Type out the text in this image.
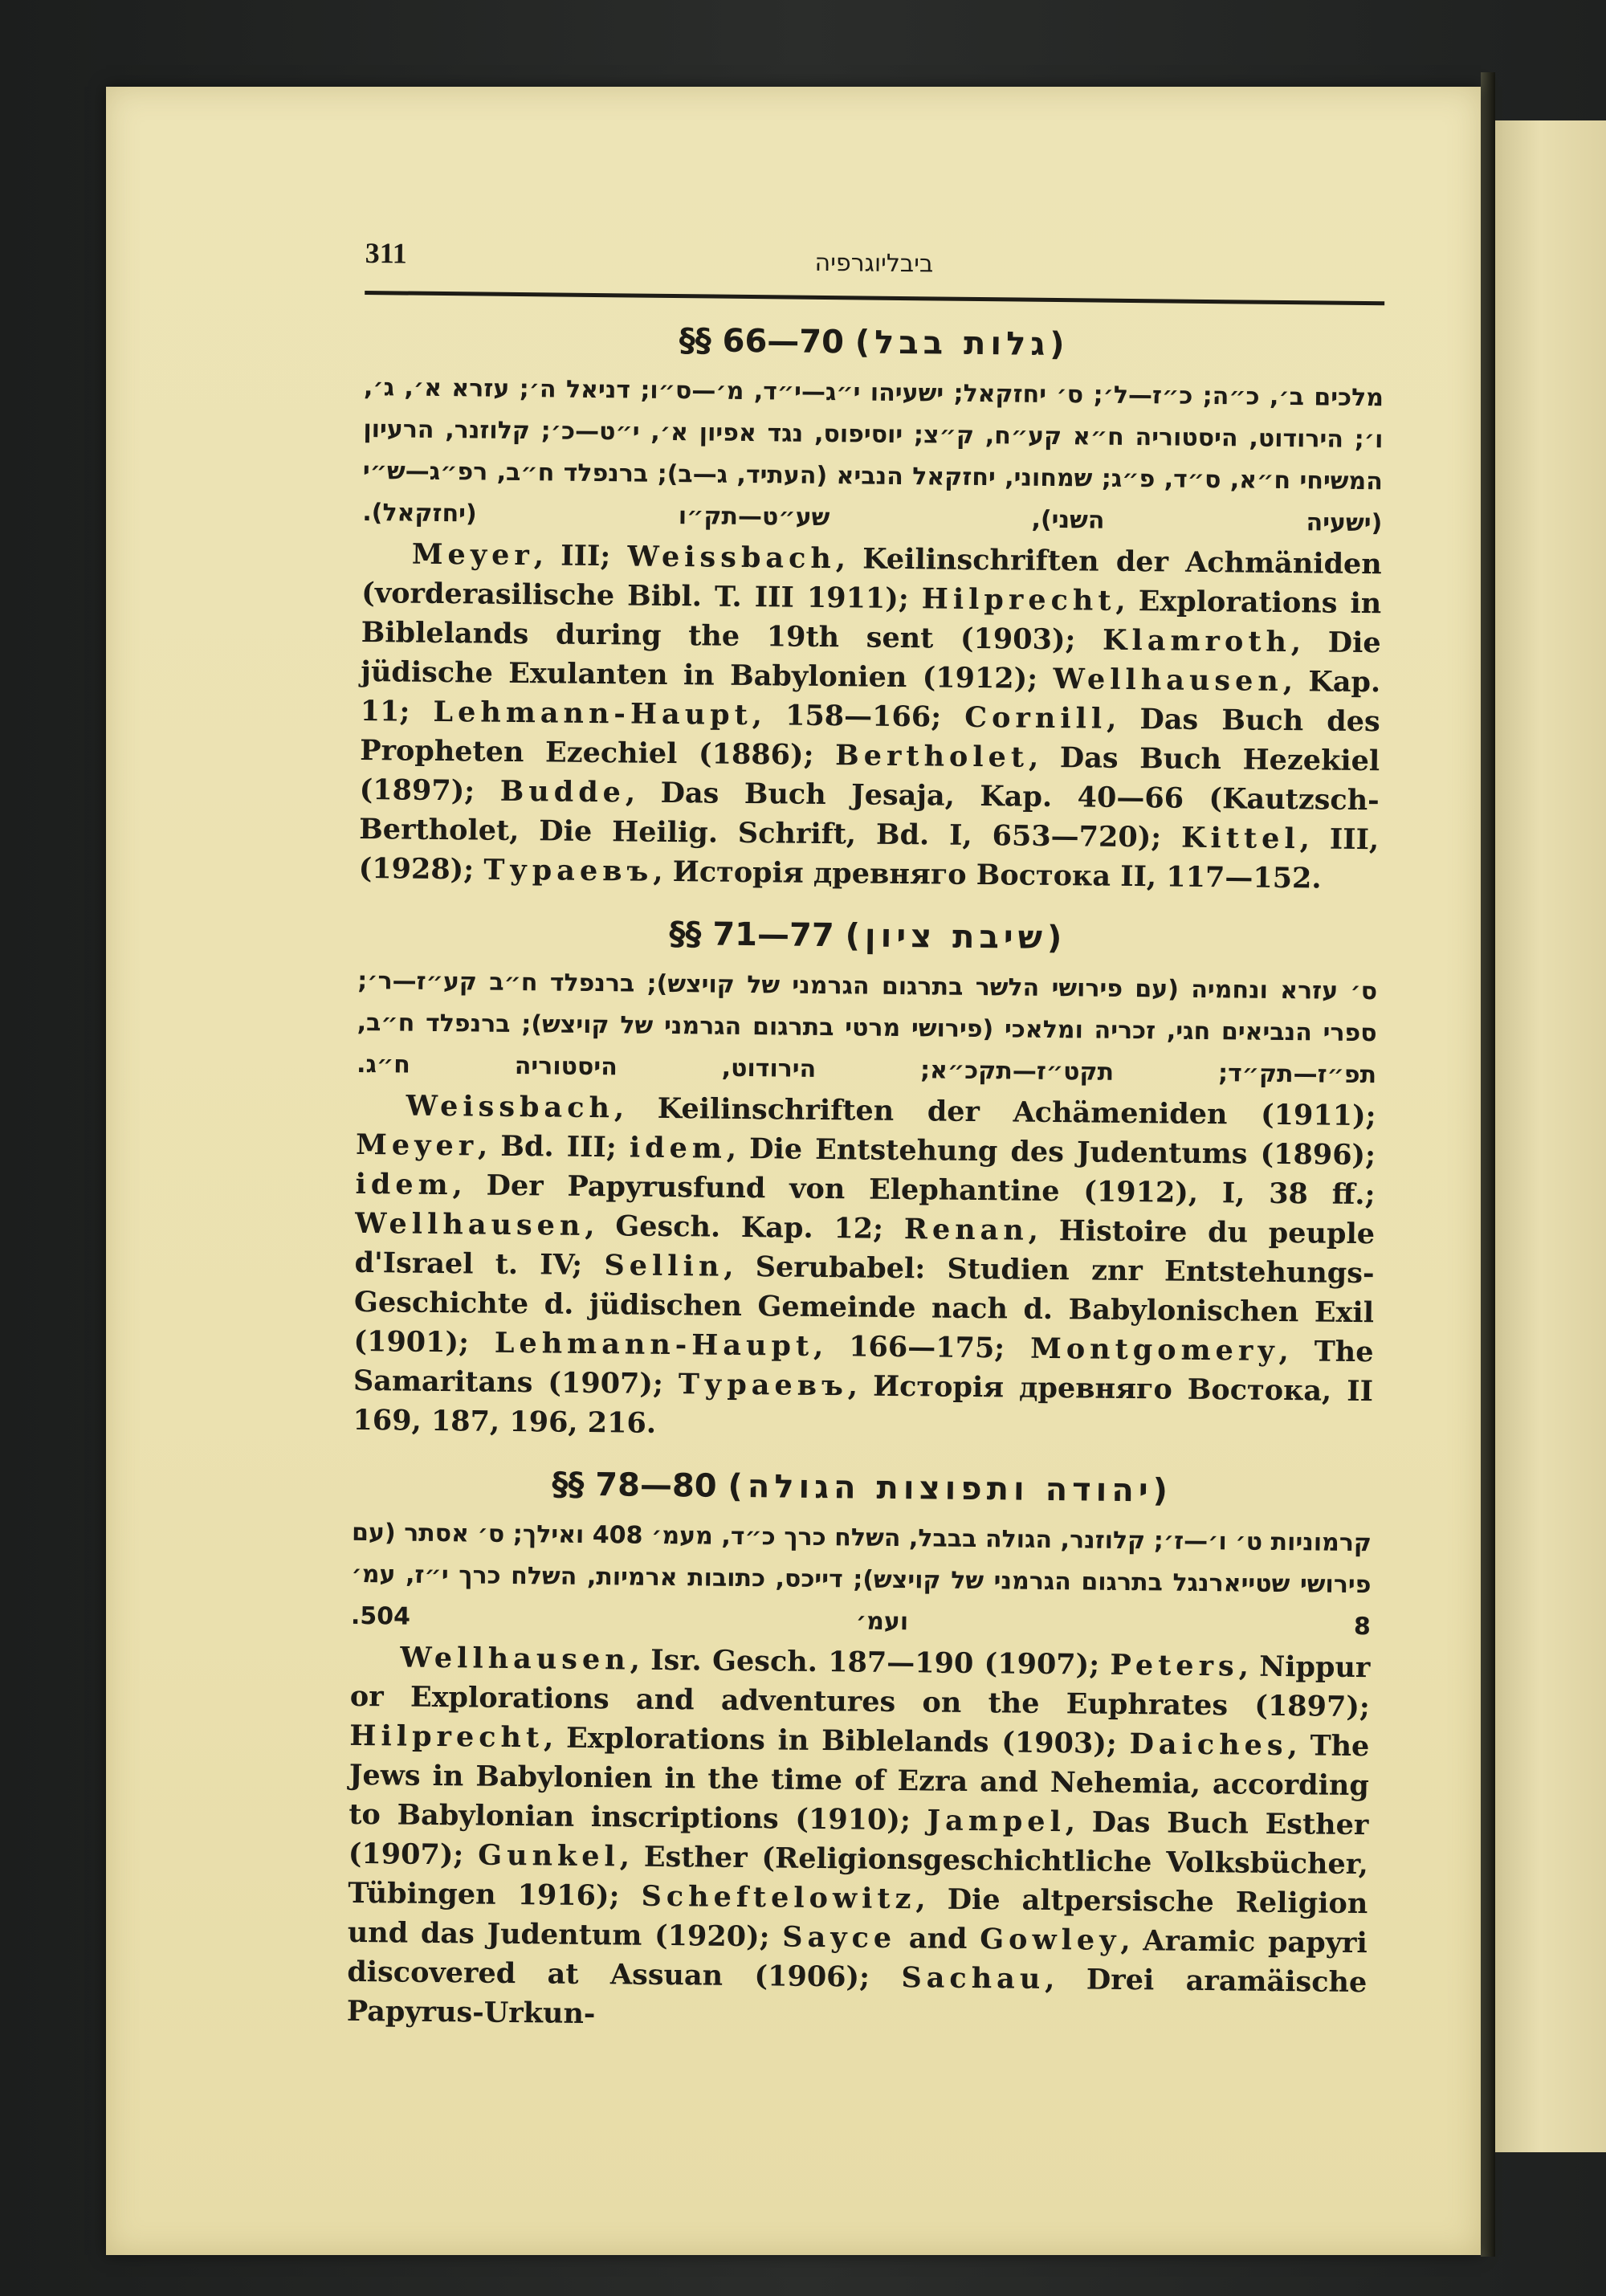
311	ביבליוגרפיה
§§ 66—70 (גלות בבל)
מלכים ב׳, כ״ה; כ״ז—ל׳; ס׳ יחזקאל; ישעיהו י״ג—י״ד, מ׳—ס״ו; דניאל ה׳; עזרא א׳, ג׳, ו׳; הירודוט, היסטוריה ח״א קע״ח, ק״צ; יוסיפוס, נגד אפיון א׳, י״ט—כ׳; קלוזנר, הרעיון המשיחי ח״א, ס״ד, פ״ג; שמחוני, יחזקאל הנביא (העתיד, ג—ב); ברנפלד ח״ב, רפ״ג—ש״י (ישעיה השני), שע״ט—תק״ו (יחזקאל).
Meyer, III; Weissbach, Keilinschriften der Achmäniden (vorderasilische Bibl. T. III 1911); Hilprecht, Explorations in Biblelands during the 19th sent (1903); Klamroth, Die jüdische Exulanten in Babylonien (1912); Wellhausen, Kap. 11; Lehmann-Haupt, 158—166; Cornill, Das Buch des Propheten Ezechiel (1886); Bertholet, Das Buch Hezekiel (1897); Budde, Das Buch Jesaja, Kap. 40—66 (Kautzsch-Bertholet, Die Heilig. Schrift, Bd. I, 653—720); Kittel, III, (1928); Тураевъ, Исторія древняго Востока II, 117—152.
§§ 71—77 (שיבת ציון)
ס׳ עזרא ונחמיה (עם פירושי הלשר בתרגום הגרמני של קויצש); ברנפלד ח״ב קע״ז—ר׳; ספרי הנביאים חגי, זכריה ומלאכי (פירושי מרטי בתרגום הגרמני של קויצש); ברנפלד ח״ב, תפ״ז—תק״ד; תקט״ז—תקכ״א; הירודוט, היסטוריה ח״ג.
Weissbach, Keilinschriften der Achämeniden (1911); Meyer, Bd. III; idem, Die Entstehung des Judentums (1896); idem, Der Papyrusfund von Elephantine (1912), I, 38 ff.; Wellhausen, Gesch. Kap. 12; Renan, Histoire du peuple d'Israel t. IV; Sellin, Serubabel: Studien znr Entstehungs-Geschichte d. jüdischen Gemeinde nach d. Babylonischen Exil (1901); Lehmann-Haupt, 166—175; Montgomery, The Samaritans (1907); Тураевъ, Исторія древняго Востока, II 169, 187, 196, 216.
§§ 78—80 (יהודה ותפוצות הגולה)
קרמוניות ט׳ ו׳—ז׳; קלוזנר, הגולה בבבל, השלח כרך כ״ד, מעמ׳ 408 ואילך; ס׳ אסתר (עם פירושי שטייארנגל בתרגום הגרמני של קויצש); דייכס, כתובות ארמיות, השלח כרך י״ז, עמ׳ 8 ועמ׳ 504.
Wellhausen, Isr. Gesch. 187—190 (1907); Peters, Nippur or Explorations and adventures on the Euphrates (1897); Hilprecht, Explorations in Biblelands (1903); Daiches, The Jews in Babylonien in the time of Ezra and Nehemia, according to Babylonian inscriptions (1910); Jampel, Das Buch Esther (1907); Gunkel, Esther (Religionsgeschichtliche Volksbücher, Tübingen 1916); Scheftelowitz, Die altpersische Religion und das Judentum (1920); Sayce and Gowley, Aramic papyri discovered at Assuan (1906); Sachau, Drei aramäische Papyrus-Urkun-
